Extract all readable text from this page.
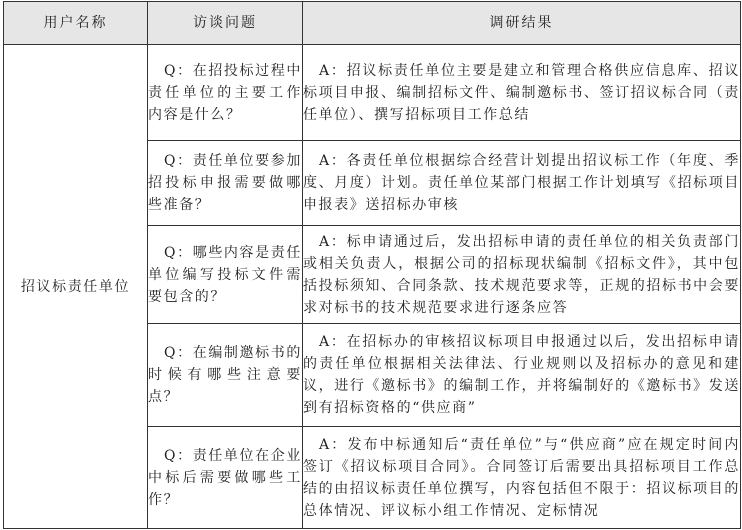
用户名称	访谈问题	调研结果
招议标责任单位	Q：在招投标过程中责任单位的主要工作内容是什么？	A：招议标责任单位主要是建立和管理合格供应信息库、招议标项目申报、编制招标文件、编制邀标书、签订招议标合同（责任单位）、撰写招标项目工作总结
	Q：责任单位要参加招投标申报需要做哪些准备？	A：各责任单位根据综合经营计划提出招议标工作（年度、季度、月度）计划。责任单位某部门根据工作计划填写《招标项目申报表》送招标办审核
	Q：哪些内容是责任单位编写投标文件需要包含的？	A：标申请通过后，发出招标申请的责任单位的相关负责部门或相关负责人，根据公司的招标现状编制《招标文件》，其中包括投标须知、合同条款、技术规范要求等，正规的招标书中会要求对标书的技术规范要求进行逐条应答
	Q：在编制邀标书的时候有哪些注意要点？	A：在招标办的审核招议标项目申报通过以后，发出招标申请的责任单位根据相关法律法、行业规则以及招标办的意见和建议，进行《邀标书》的编制工作，并将编制好的《邀标书》发送到有招标资格的“供应商”
	Q：责任单位在企业中标后需要做哪些工作？	A：发布中标通知后“责任单位”与“供应商”应在规定时间内签订《招议标项目合同》。合同签订后需要出具招标项目工作总结的由招议标责任单位撰写，内容包括但不限于：招议标项目的总体情况、评议标小组工作情况、定标情况
